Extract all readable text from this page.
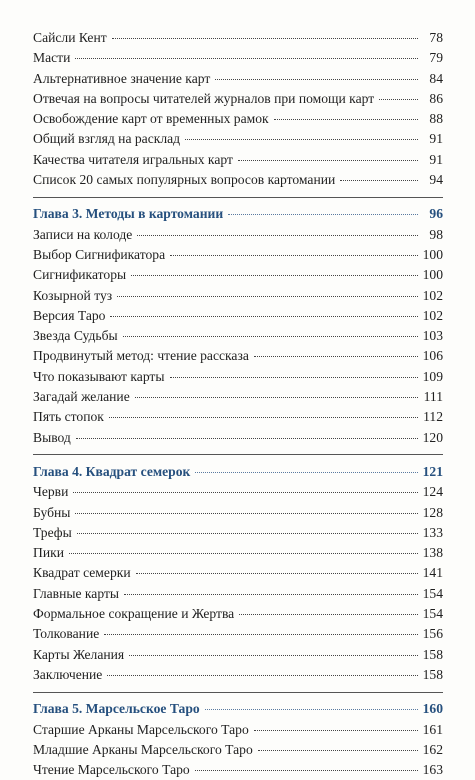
Сайсли Кент	78
Масти	79
Альтернативное значение карт	84
Отвечая на вопросы читателей журналов при помощи карт	86
Освобождение карт от временных рамок	88
Общий взгляд на расклад	91
Качества читателя игральных карт	91
Список 20 самых популярных вопросов картомании	94
Глава 3. Методы в картомании	96
Записи на колоде	98
Выбор Сигнификатора	100
Сигнификаторы	100
Козырной туз	102
Версия Таро	102
Звезда Судьбы	103
Продвинутый метод: чтение рассказа	106
Что показывают карты	109
Загадай желание	111
Пять стопок	112
Вывод	120
Глава 4. Квадрат семерок	121
Черви	124
Бубны	128
Трефы	133
Пики	138
Квадрат семерки	141
Главные карты	154
Формальное сокращение и Жертва	154
Толкование	156
Карты Желания	158
Заключение	158
Глава 5. Марсельское Таро	160
Старшие Арканы Марсельского Таро	161
Младшие Арканы Марсельского Таро	162
Чтение Марсельского Таро	163
